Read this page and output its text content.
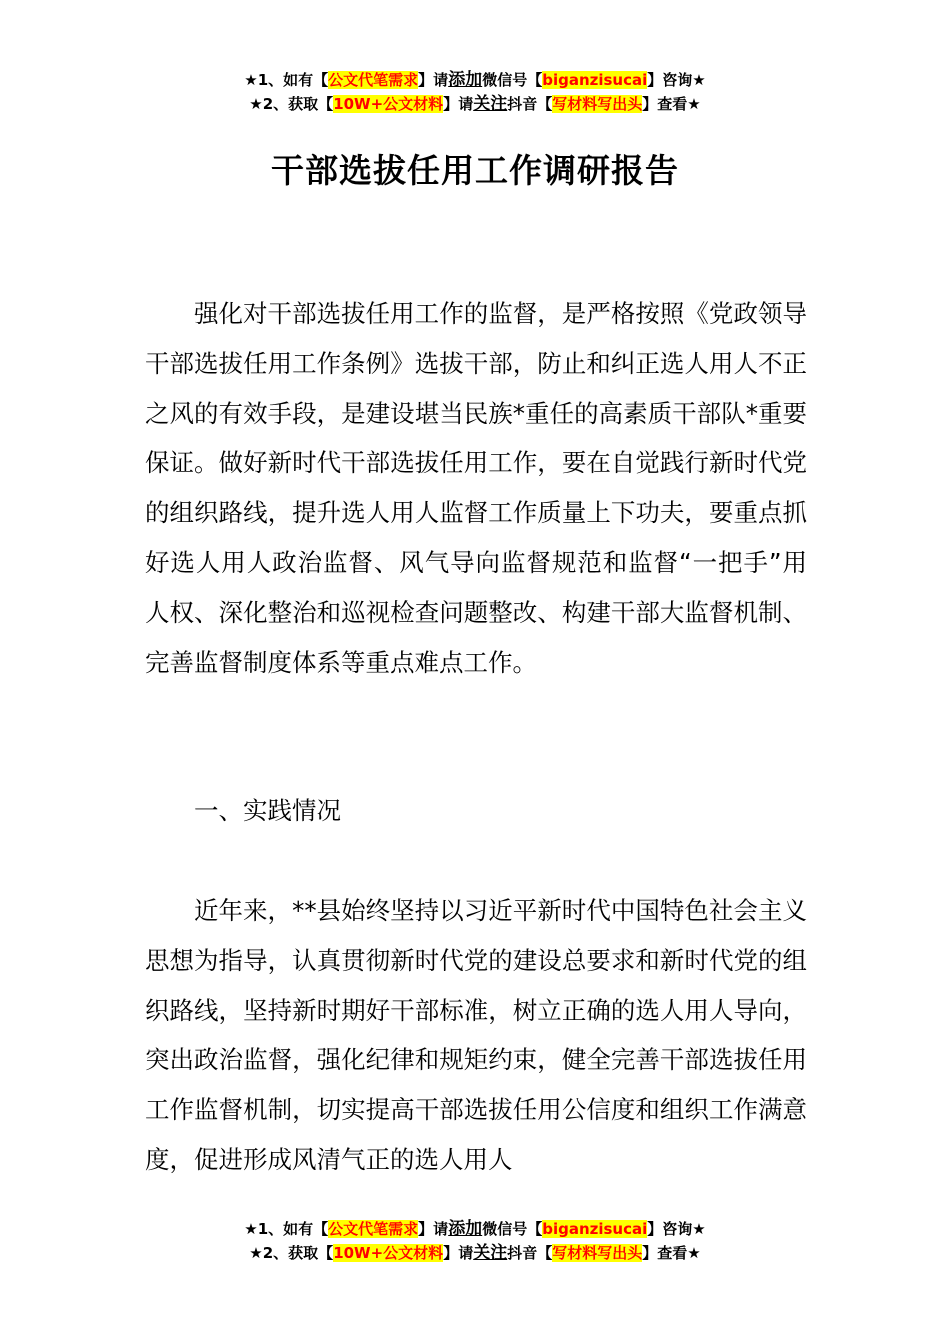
★1、如有【公文代笔需求】请添加微信号【biganzisucai】咨询★
★2、获取【10W+公文材料】请关注抖音【写材料写出头】查看★
干部选拔任用工作调研报告

强化对干部选拔任用工作的监督，是严格按照《党政领导干部选拔任用工作条例》选拔干部，防止和纠正选人用人不正之风的有效手段，是建设堪当民族*重任的高素质干部队*重要保证。做好新时代干部选拔任用工作，要在自觉践行新时代党的组织路线，提升选人用人监督工作质量上下功夫，要重点抓好选人用人政治监督、风气导向监督规范和监督“一把手”用人权、深化整治和巡视检查问题整改、构建干部大监督机制、完善监督制度体系等重点难点工作。

一、实践情况

近年来，**县始终坚持以习近平新时代中国特色社会主义思想为指导，认真贯彻新时代党的建设总要求和新时代党的组织路线，坚持新时期好干部标准，树立正确的选人用人导向，突出政治监督，强化纪律和规矩约束，健全完善干部选拔任用工作监督机制，切实提高干部选拔任用公信度和组织工作满意度，促进形成风清气正的选人用人

★1、如有【公文代笔需求】请添加微信号【biganzisucai】咨询★
★2、获取【10W+公文材料】请关注抖音【写材料写出头】查看★
